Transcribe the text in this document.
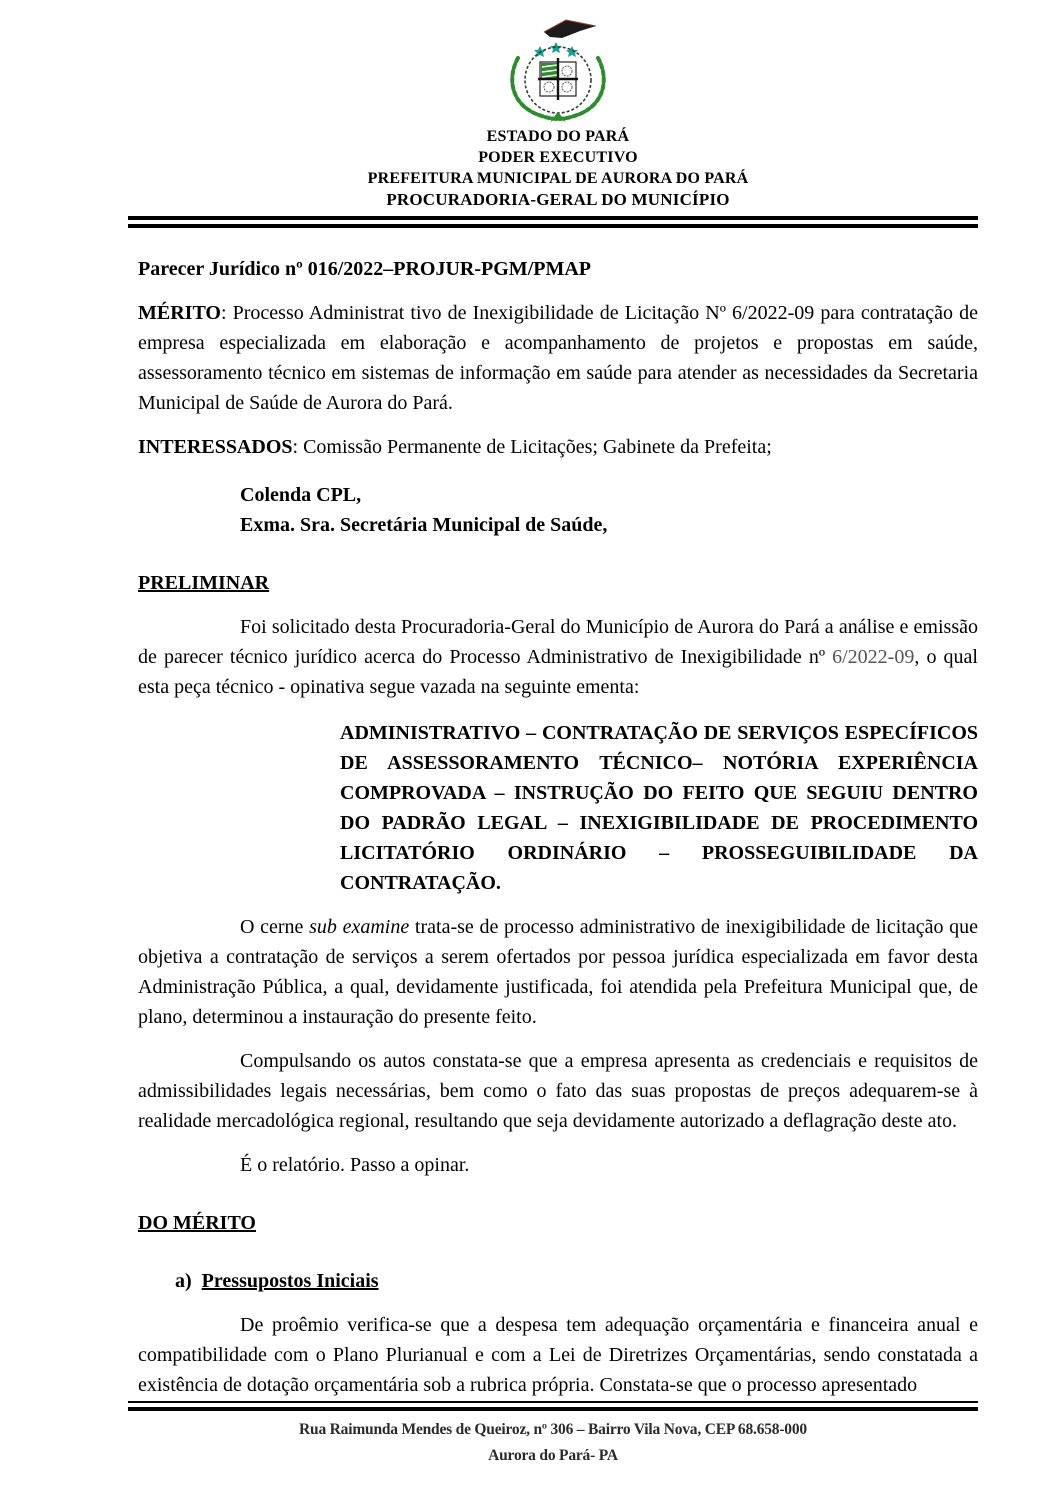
ESTADO DO PARÁ
PODER EXECUTIVO
PREFEITURA MUNICIPAL DE AURORA DO PARÁ
PROCURADORIA-GERAL DO MUNICÍPIO
Parecer Jurídico nº 016/2022–PROJUR-PGM/PMAP

MÉRITO: Processo Administrat tivo de Inexigibilidade de Licitação Nº 6/2022-09 para contratação de empresa especializada em elaboração e acompanhamento de projetos e propostas em saúde, assessoramento técnico em sistemas de informação em saúde para atender as necessidades da Secretaria Municipal de Saúde de Aurora do Pará.

INTERESSADOS: Comissão Permanente de Licitações; Gabinete da Prefeita;

Colenda CPL,
Exma. Sra. Secretária Municipal de Saúde,
PRELIMINAR

Foi solicitado desta Procuradoria-Geral do Município de Aurora do Pará a análise e emissão de parecer técnico jurídico acerca do Processo Administrativo de Inexigibilidade nº 6/2022-09, o qual esta peça técnico - opinativa segue vazada na seguinte ementa:

ADMINISTRATIVO – CONTRATAÇÃO DE SERVIÇOS ESPECÍFICOS DE ASSESSORAMENTO TÉCNICO– NOTÓRIA EXPERIÊNCIA COMPROVADA – INSTRUÇÃO DO FEITO QUE SEGUIU DENTRO DO PADRÃO LEGAL – INEXIGIBILIDADE DE PROCEDIMENTO LICITATÓRIO ORDINÁRIO – PROSSEGUIBILIDADE DA CONTRATAÇÃO.

O cerne sub examine trata-se de processo administrativo de inexigibilidade de licitação que objetiva a contratação de serviços a serem ofertados por pessoa jurídica especializada em favor desta Administração Pública, a qual, devidamente justificada, foi atendida pela Prefeitura Municipal que, de plano, determinou a instauração do presente feito.

Compulsando os autos constata-se que a empresa apresenta as credenciais e requisitos de admissibilidades legais necessárias, bem como o fato das suas propostas de preços adequarem-se à realidade mercadológica regional, resultando que seja devidamente autorizado a deflagração deste ato.

É o relatório. Passo a opinar.

DO MÉRITO
a) Pressupostos Iniciais

De proêmio verifica-se que a despesa tem adequação orçamentária e financeira anual e compatibilidade com o Plano Plurianual e com a Lei de Diretrizes Orçamentárias, sendo constatada a existência de dotação orçamentária sob a rubrica própria. Constata-se que o processo apresentado

Rua Raimunda Mendes de Queiroz, nº 306 – Bairro Vila Nova, CEP 68.658-000
Aurora do Pará- PA
